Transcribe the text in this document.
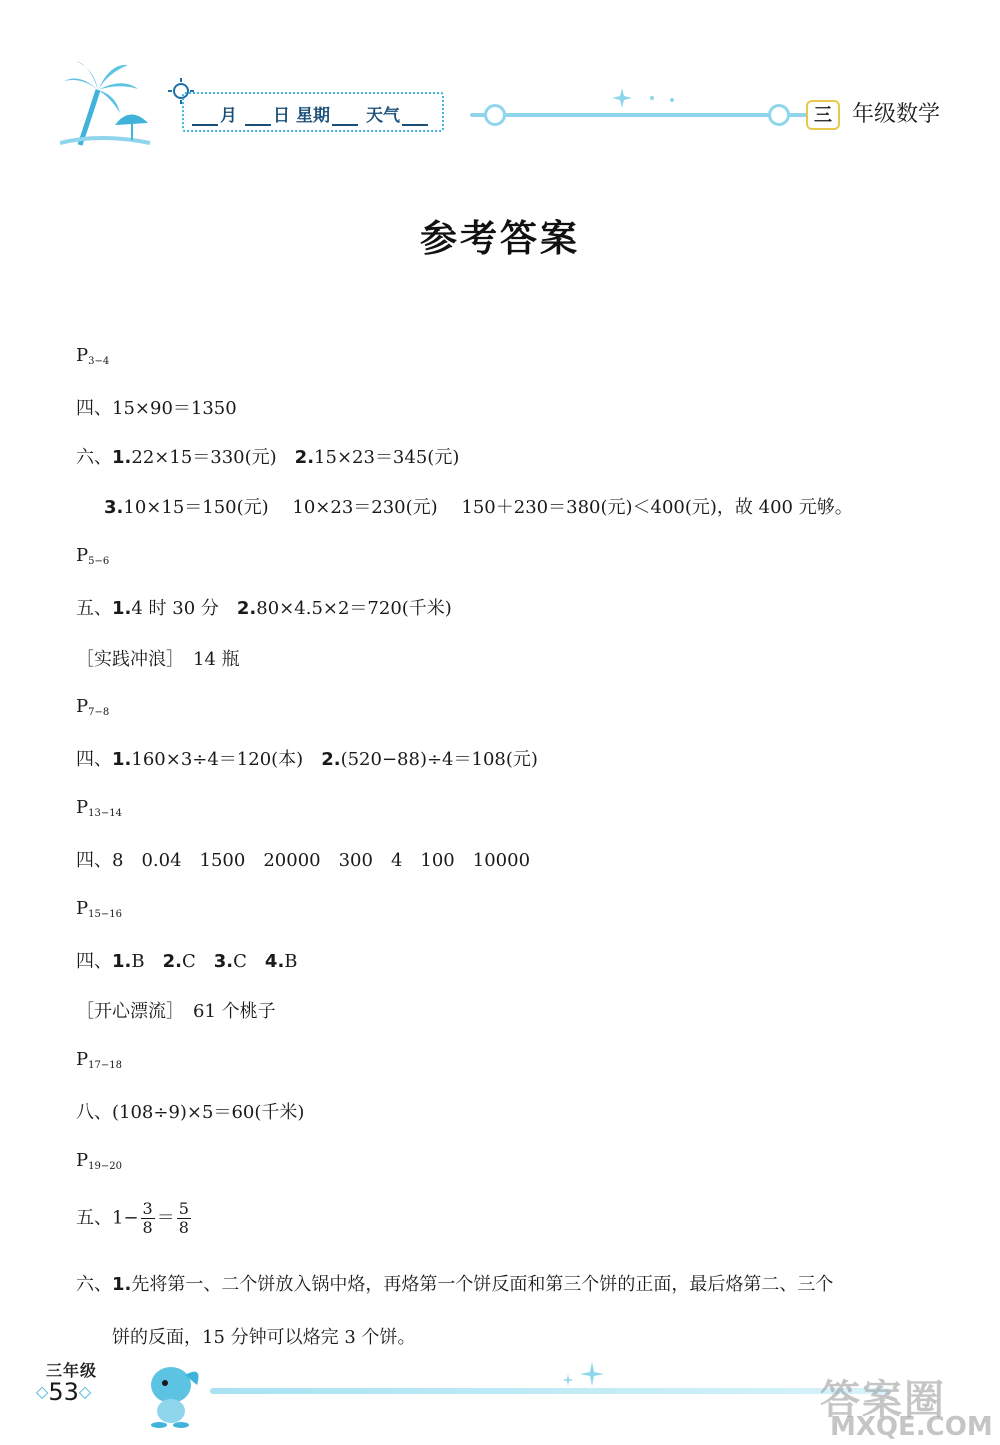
月 日 星期 天气	三 年级数学
参考答案
$P_{3-4}$
四、15×90＝1350
六、1.22×15＝330(元)　2.15×23＝345(元)
3.10×15＝150(元)　 10×23＝230(元)　 150＋230＝380(元)＜400(元)，故 400 元够。
$P_{5-6}$
五、1.4 时 30 分　2.80×4.5×2＝720(千米)
［实践冲浪］　14 瓶
$P_{7-8}$
四、1.160×3÷4＝120(本)　2.(520−88)÷4＝108(元)
$P_{13-14}$
四、8　0.04　1500　20000　300　4　100　10000
$P_{15-16}$
四、1.B　2.C　3.C　4.B
［开心漂流］　61 个桃子
$P_{17-18}$
八、(108÷9)×5＝60(千米)
$P_{19-20}$
五、$1- \frac{3}{8} = \frac{5}{8}$
六、1.先将第一、二个饼放入锅中烙，再烙第一个饼反面和第三个饼的正面，最后烙第二、三个
饼的反面，15 分钟可以烙完 3 个饼。
三年级
◇53◇	答案圈
MXQE.COM
